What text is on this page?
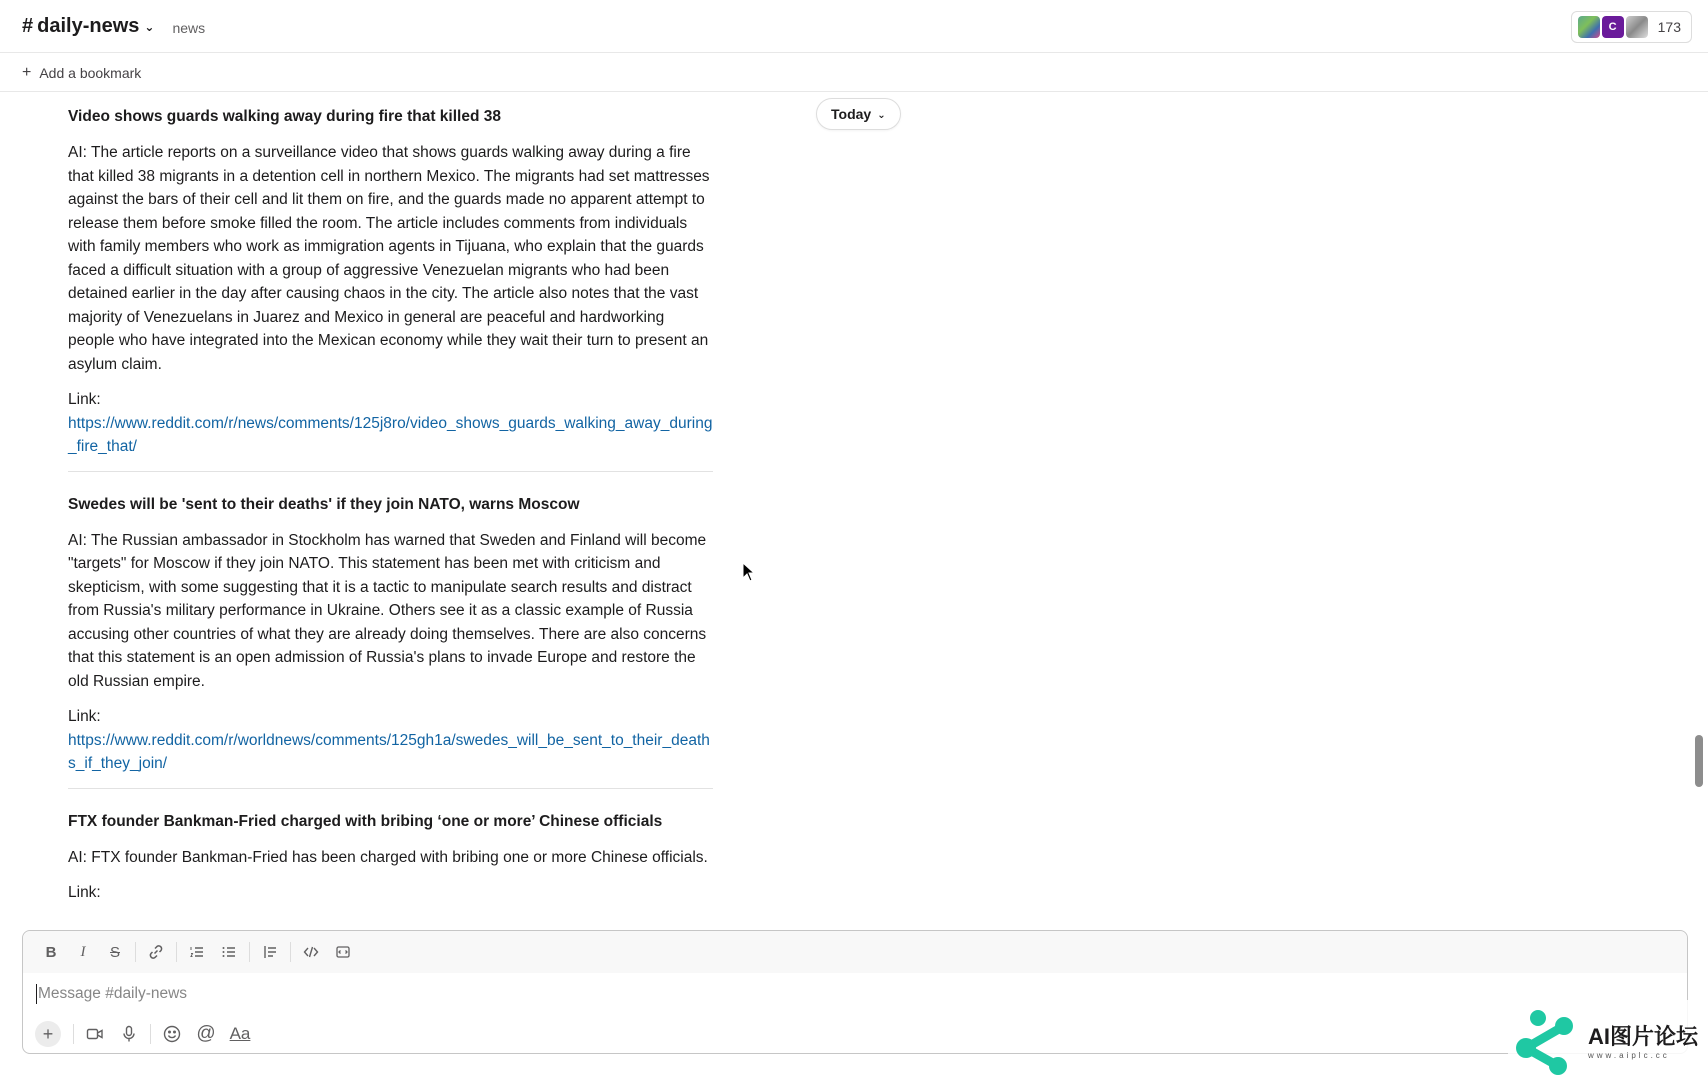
# daily-news ⌄ news	C	173
+ Add a bookmark
Video shows guards walking away during fire that killed 38
AI: The article reports on a surveillance video that shows guards walking away during a fire that killed 38 migrants in a detention cell in northern Mexico. The migrants had set mattresses against the bars of their cell and lit them on fire, and the guards made no apparent attempt to release them before smoke filled the room. The article includes comments from individuals with family members who work as immigration agents in Tijuana, who explain that the guards faced a difficult situation with a group of aggressive Venezuelan migrants who had been detained earlier in the day after causing chaos in the city. The article also notes that the vast majority of Venezuelans in Juarez and Mexico in general are peaceful and hardworking people who have integrated into the Mexican economy while they wait their turn to present an asylum claim.
Link:
https://www.reddit.com/r/news/comments/125j8ro/video_shows_guards_walking_away_during_fire_that/
Swedes will be 'sent to their deaths' if they join NATO, warns Moscow
AI: The Russian ambassador in Stockholm has warned that Sweden and Finland will become "targets" for Moscow if they join NATO. This statement has been met with criticism and skepticism, with some suggesting that it is a tactic to manipulate search results and distract from Russia's military performance in Ukraine. Others see it as a classic example of Russia accusing other countries of what they are already doing themselves. There are also concerns that this statement is an open admission of Russia's plans to invade Europe and restore the old Russian empire.
Link:
https://www.reddit.com/r/worldnews/comments/125gh1a/swedes_will_be_sent_to_their_deaths_if_they_join/
FTX founder Bankman-Fried charged with bribing ‘one or more’ Chinese officials
AI: FTX founder Bankman-Fried has been charged with bribing one or more Chinese officials.
Link:
Today ⌄
B I S
Message #daily-news
+	@ Aa	AI图片论坛
www.aiplc.cc
